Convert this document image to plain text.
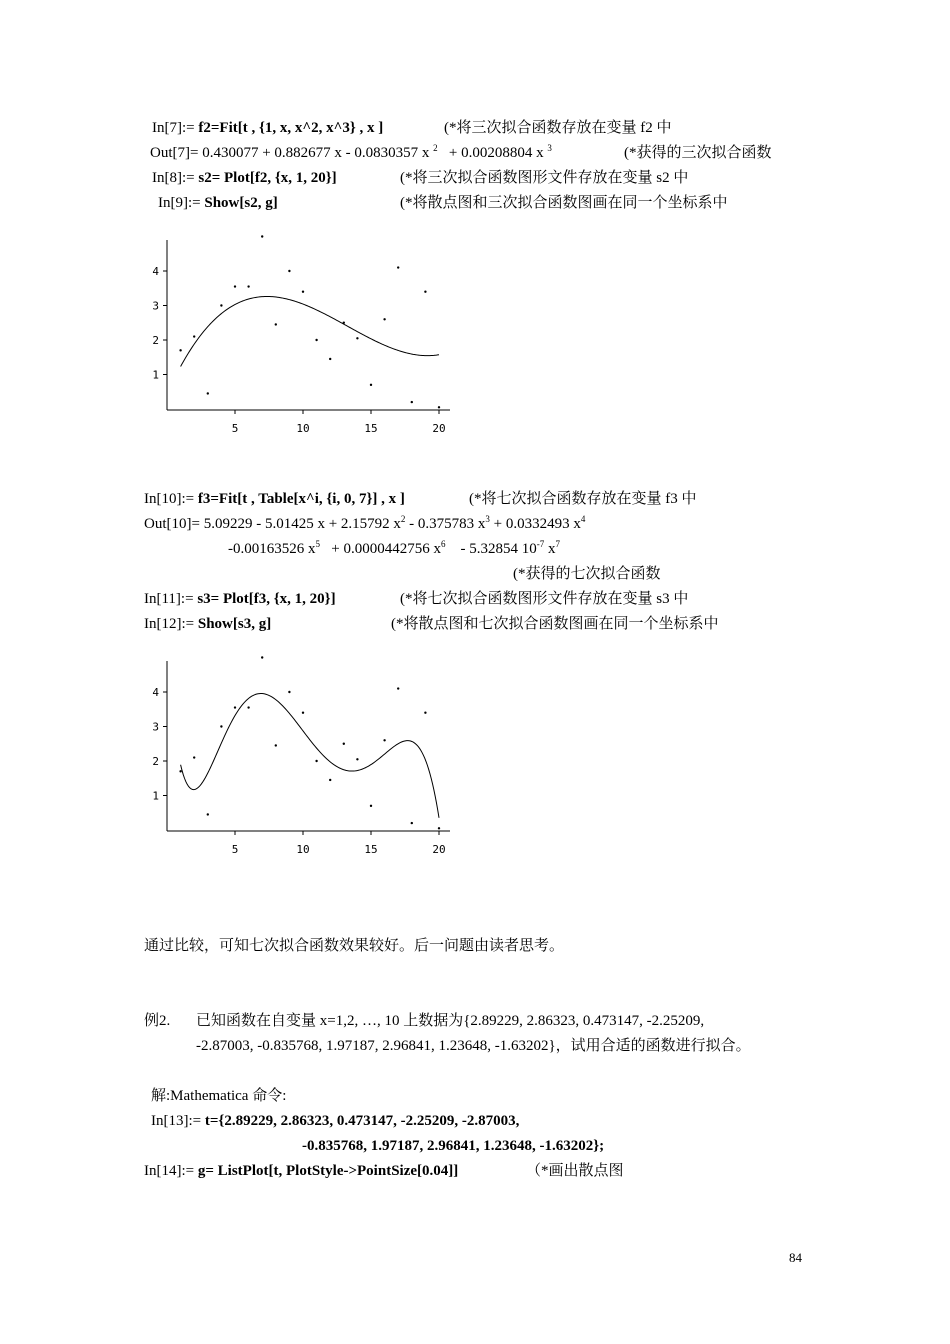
In[7]:= f2=Fit[t , {1, x, x^2, x^3} , x ]	(*将三次拟合函数存放在变量 f2 中
Out[7]= 0.430077 + 0.882677 x - 0.0830357 x $^2$ + 0.00208804 x $^3$	(*获得的三次拟合函数
In[8]:= s2= Plot[f2, {x, 1, 20}]	(*将三次拟合函数图形文件存放在变量 s2 中
In[9]:= Show[s2, g]	(*将散点图和三次拟合函数图画在同一个坐标系中
5	10	15	20
1
2
3
4
In[10]:= f3=Fit[t , Table[x^i, {i, 0, 7}] , x ]	(*将七次拟合函数存放在变量 f3 中
Out[10]= 5.09229 - 5.01425 x + 2.15792 $x^2 - 0.375783$ $x^3 + 0.0332493$ $x^4$
-0.00163526 $x^5 + 0.0000442756$ $x^6 - 5.32854$ $10^{-7}$ $x^7$
(*获得的七次拟合函数
In[11]:= s3= Plot[f3, {x, 1, 20}]	(*将七次拟合函数图形文件存放在变量 s3 中
In[12]:= Show[s3, g]	(*将散点图和七次拟合函数图画在同一个坐标系中
5	10	15	20
1
2
3
4
通过比较，可知七次拟合函数效果较好。后一问题由读者思考。
例2. 已知函数在自变量 x=1,2, …, 10 上数据为{2.89229, 2.86323, 0.473147, -2.25209,
-2.87003, -0.835768, 1.97187, 2.96841, 1.23648, -1.63202}，试用合适的函数进行拟合。
解:Mathematica 命令:
In[13]:= t={2.89229, 2.86323, 0.473147, -2.25209, -2.87003,
-0.835768, 1.97187, 2.96841, 1.23648, -1.63202};
In[14]:= g= ListPlot[t, PlotStyle->PointSize[0.04]]	（*画出散点图
84
